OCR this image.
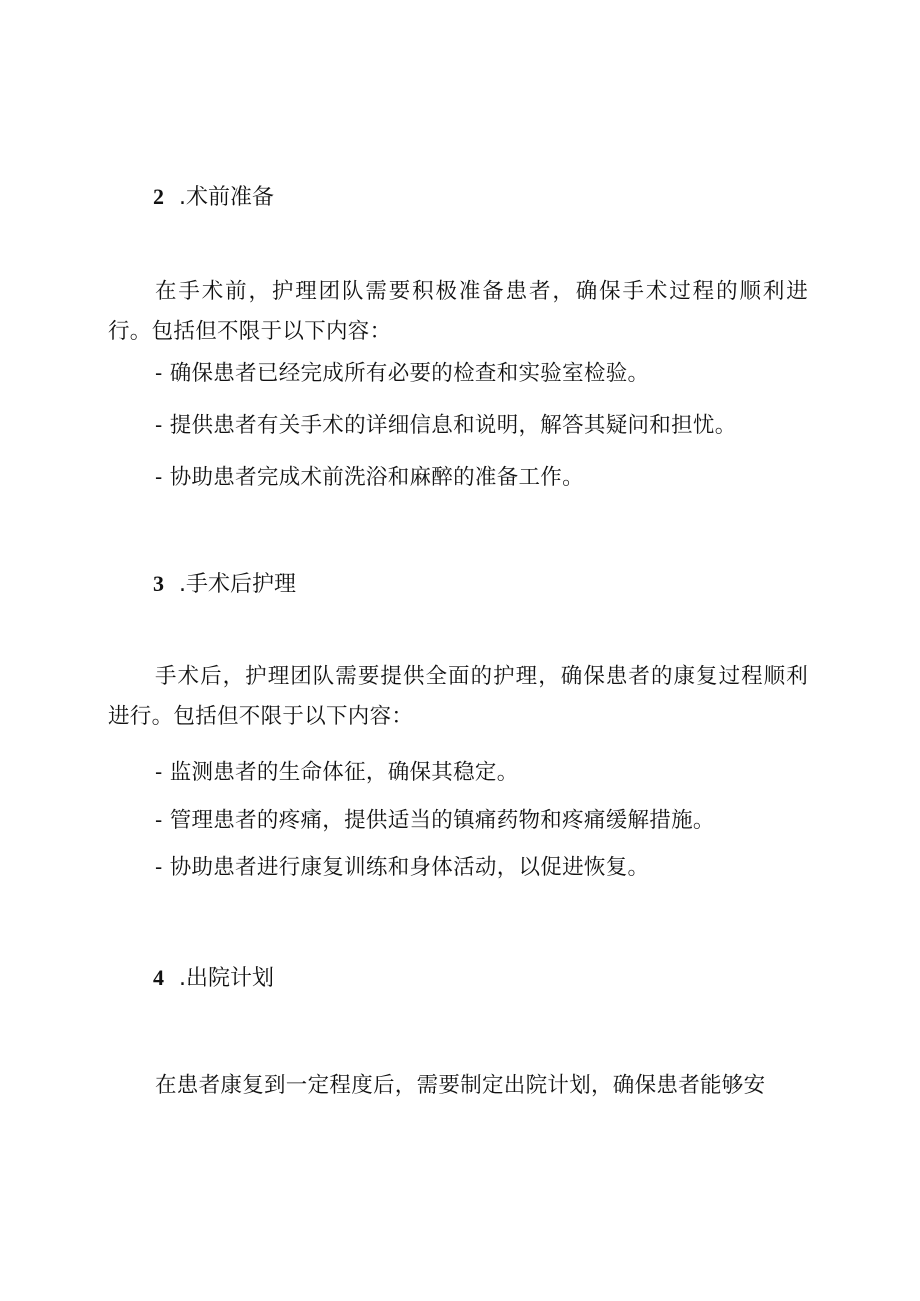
2 .术前准备
在手术前，护理团队需要积极准备患者，确保手术过程的顺利进行。包括但不限于以下内容：
- 确保患者已经完成所有必要的检查和实验室检验。
- 提供患者有关手术的详细信息和说明，解答其疑问和担忧。
- 协助患者完成术前洗浴和麻醉的准备工作。
3 .手术后护理
手术后，护理团队需要提供全面的护理，确保患者的康复过程顺利进行。包括但不限于以下内容：
- 监测患者的生命体征，确保其稳定。
- 管理患者的疼痛，提供适当的镇痛药物和疼痛缓解措施。
- 协助患者进行康复训练和身体活动，以促进恢复。
4 .出院计划
在患者康复到一定程度后，需要制定出院计划，确保患者能够安
